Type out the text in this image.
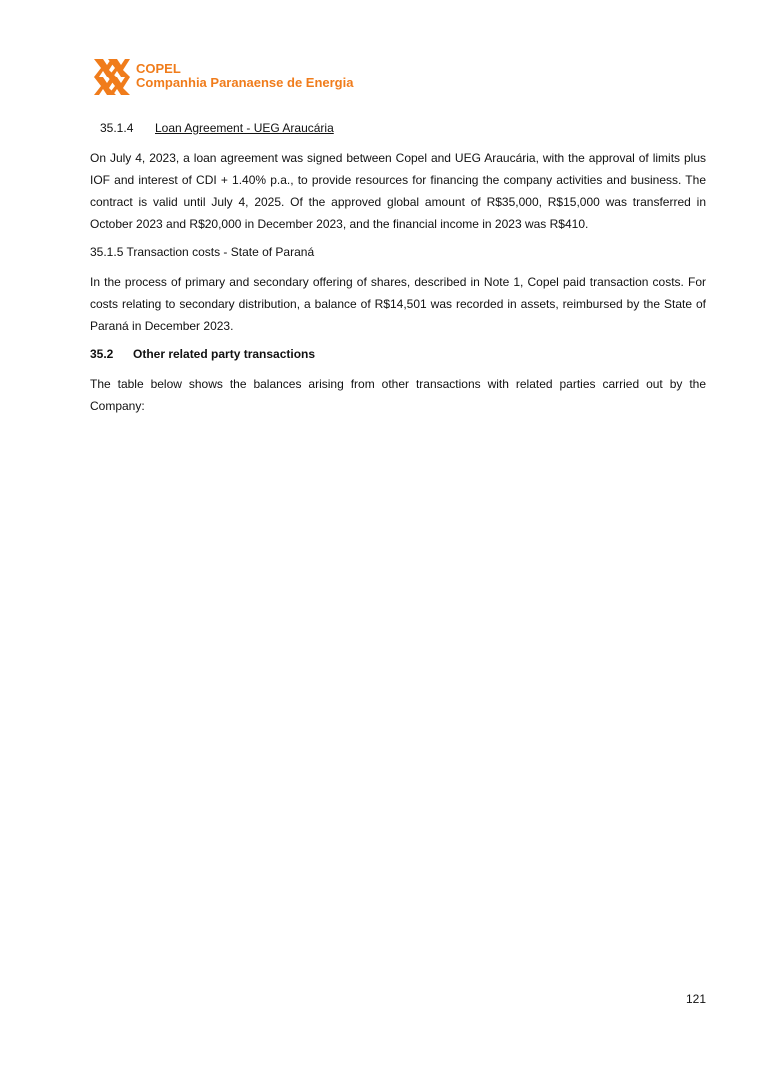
COPEL
Companhia Paranaense de Energia
35.1.4 Loan Agreement - UEG Araucária

On July 4, 2023, a loan agreement was signed between Copel and UEG Araucária, with the approval of limits plus IOF and interest of CDI + 1.40% p.a., to provide resources for financing the company activities and business. The contract is valid until July 4, 2025. Of the approved global amount of R$35,000, R$15,000 was transferred in October 2023 and R$20,000 in December 2023, and the financial income in 2023 was R$410.

35.1.5 Transaction costs - State of Paraná

In the process of primary and secondary offering of shares, described in Note 1, Copel paid transaction costs. For costs relating to secondary distribution, a balance of R$14,501 was recorded in assets, reimbursed by the State of Paraná in December 2023.

35.2 Other related party transactions

The table below shows the balances arising from other transactions with related parties carried out by the Company:

121
